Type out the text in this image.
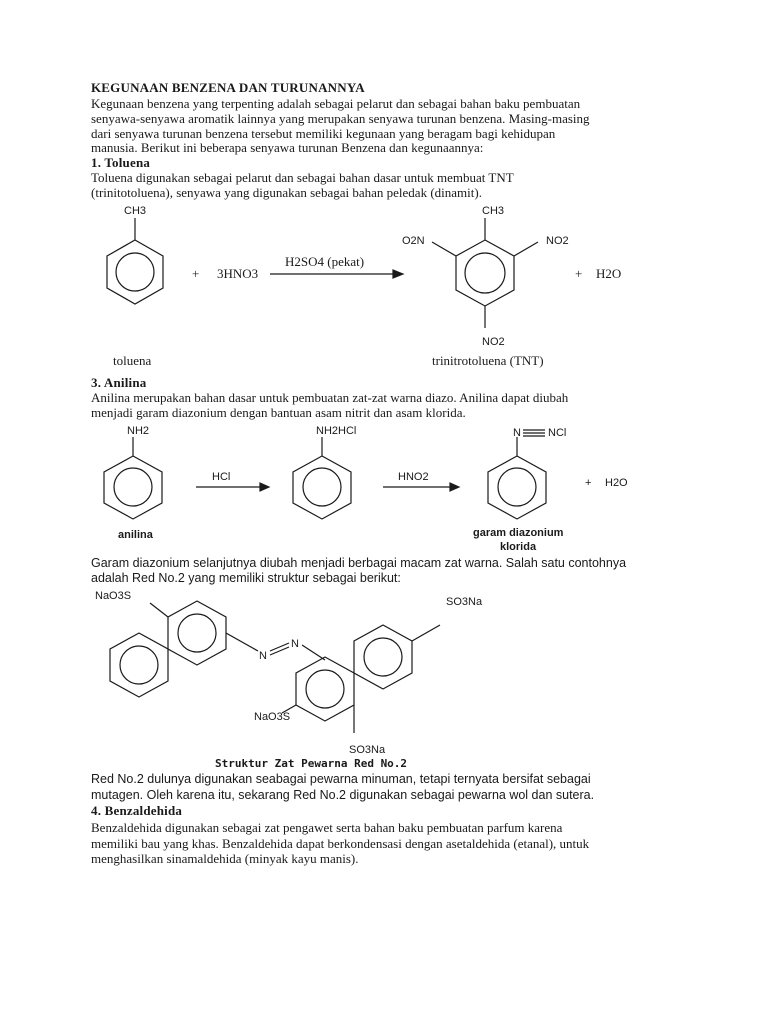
KEGUNAAN BENZENA DAN TURUNANNYA
Kegunaan benzena yang terpenting adalah sebagai pelarut dan sebagai bahan baku pembuatan
senyawa-senyawa aromatik lainnya yang merupakan senyawa turunan benzena. Masing-masing
dari senyawa turunan benzena tersebut memiliki kegunaan yang beragam bagi kehidupan
manusia. Berikut ini beberapa senyawa turunan Benzena dan kegunaannya:
1. Toluena
Toluena digunakan sebagai pelarut dan sebagai bahan dasar untuk membuat TNT
(trinitotoluena), senyawa yang digunakan sebagai bahan peledak (dinamit).
CH3
+ 3HNO3
H2SO4 (pekat)
CH3
O2N	NO2
NO2
+ H2O
toluena	trinitrotoluena (TNT)
3. Anilina
Anilina merupakan bahan dasar untuk pembuatan zat-zat warna diazo. Anilina dapat diubah
menjadi garam diazonium dengan bantuan asam nitrit dan asam klorida.
NH2
HCl
NH2HCl
HNO2
N NCl
+ H2O
anilina	garam diazonium
klorida
Garam diazonium selanjutnya diubah menjadi berbagai macam zat warna. Salah satu contohnya
adalah Red No.2 yang memiliki struktur sebagai berikut:
NaO3S
N
N
SO3Na
NaO3S
SO3Na
Struktur Zat Pewarna Red No.2
Red No.2 dulunya digunakan seabagai pewarna minuman, tetapi ternyata bersifat sebagai
mutagen. Oleh karena itu, sekarang Red No.2 digunakan sebagai pewarna wol dan sutera.
4. Benzaldehida
Benzaldehida digunakan sebagai zat pengawet serta bahan baku pembuatan parfum karena
memiliki bau yang khas. Benzaldehida dapat berkondensasi dengan asetaldehida (etanal), untuk
menghasilkan sinamaldehida (minyak kayu manis).
